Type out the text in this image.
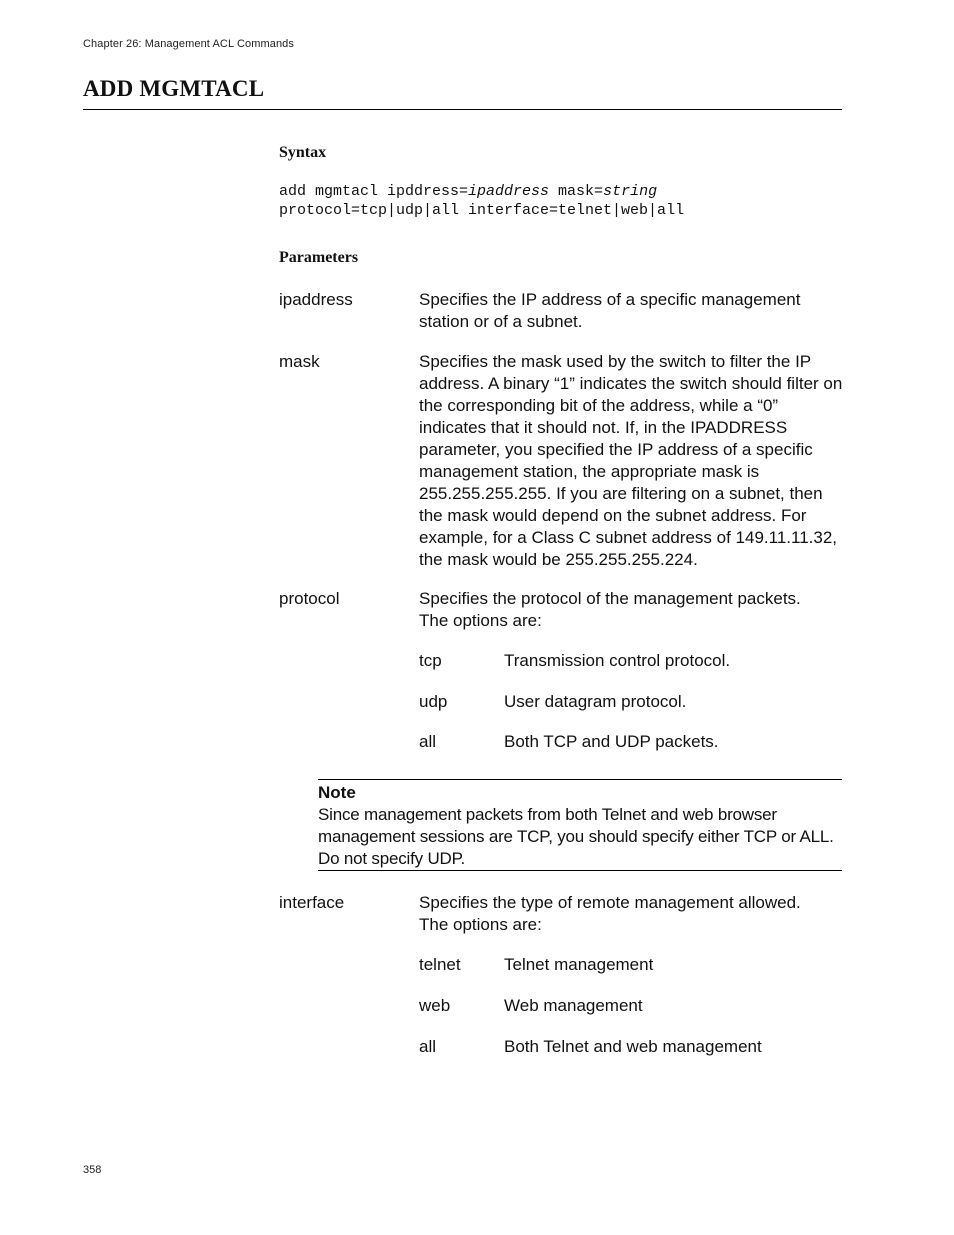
Chapter 26: Management ACL Commands
ADD MGMTACL
Syntax
add mgmtacl ipddress=ipaddress mask=string
protocol=tcp|udp|all interface=telnet|web|all
Parameters
ipaddress	Specifies the IP address of a specific management station or of a subnet.
mask	Specifies the mask used by the switch to filter the IP address. A binary “1” indicates the switch should filter on the corresponding bit of the address, while a “0” indicates that it should not. If, in the IPADDRESS parameter, you specified the IP address of a specific management station, the appropriate mask is 255.255.255.255. If you are filtering on a subnet, then the mask would depend on the subnet address. For example, for a Class C subnet address of 149.11.11.32, the mask would be 255.255.255.224.
protocol	Specifies the protocol of the management packets. The options are:
tcp	Transmission control protocol.
udp	User datagram protocol.
all	Both TCP and UDP packets.
Note
Since management packets from both Telnet and web browser management sessions are TCP, you should specify either TCP or ALL. Do not specify UDP.
interface	Specifies the type of remote management allowed. The options are:
telnet	Telnet management
web	Web management
all	Both Telnet and web management
358
